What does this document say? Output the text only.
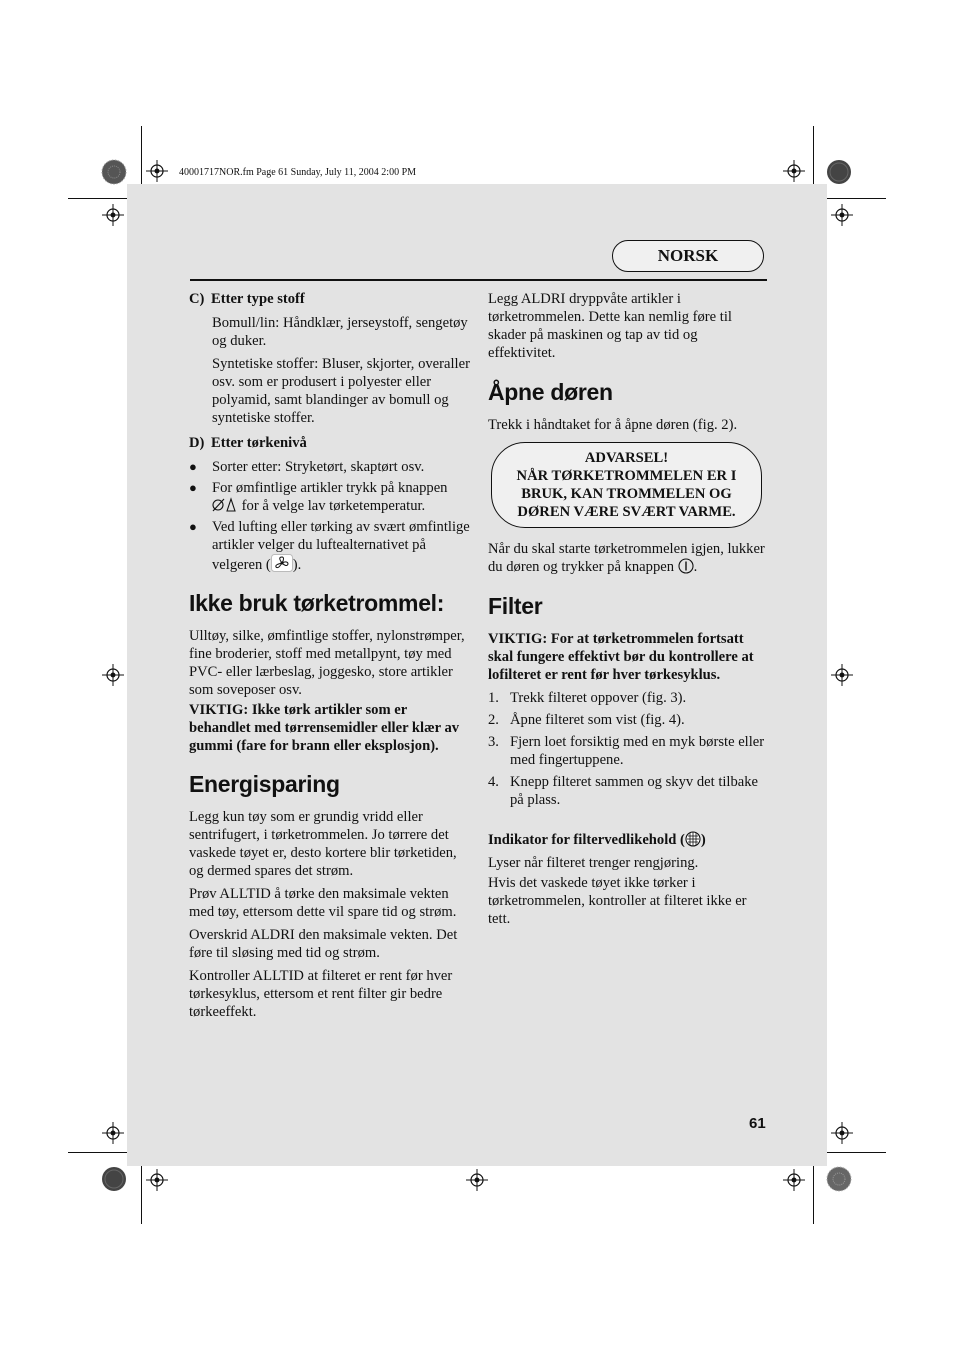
40001717NOR.fm Page 61 Sunday, July 11, 2004 2:00 PM
NORSK
C) Etter type stoff

Bomull/lin: Håndklær, jerseystoff, sengetøy og duker.

Syntetiske stoffer: Bluser, skjorter, overaller osv. som er produsert i polyester eller polyamid, samt blandinger av bomull og syntetiske stoffer.

D) Etter tørkenivå
●	Sorter etter: Stryketørt, skaptørt osv.
●	For ømfintlige artikler trykk på knappen  for å velge lav tørketemperatur.
●	Ved lufting eller tørking av svært ømfintlige artikler velger du luftealternativet på velgeren ( ).
Ikke bruk tørketrommel:

Ulltøy, silke, ømfintlige stoffer, nylonstrømper, fine broderier, stoff med metallpynt, tøy med PVC- eller lærbeslag, joggesko, store artikler som soveposer osv.

VIKTIG: Ikke tørk artikler som er behandlet med tørrensemidler eller klær av gummi (fare for brann eller eksplosjon).

Energisparing

Legg kun tøy som er grundig vridd eller sentrifugert, i tørketrommelen. Jo tørrere det vaskede tøyet er, desto kortere blir tørketiden, og dermed spares det strøm.

Prøv ALLTID å tørke den maksimale vekten med tøy, ettersom dette vil spare tid og strøm.

Overskrid ALDRI den maksimale vekten. Det føre til sløsing med tid og strøm.

Kontroller ALLTID at filteret er rent før hver tørkesyklus, ettersom et rent filter gir bedre tørkeeffekt.

Legg ALDRI dryppvåte artikler i tørketrommelen. Dette kan nemlig føre til skader på maskinen og tap av tid og effektivitet.

Åpne døren

Trekk i håndtaket for å åpne døren (fig. 2).

ADVARSEL!
NÅR TØRKETROMMELEN ER I BRUK, KAN TROMMELEN OG DØREN VÆRE SVÆRT VARME.

Når du skal starte tørketrommelen igjen, lukker du døren og trykker på knappen .

Filter

VIKTIG: For at tørketrommelen fortsatt skal fungere effektivt bør du kontrollere at lofilteret er rent før hver tørkesyklus.

1. Trekk filteret oppover (fig. 3).
2. Åpne filteret som vist (fig. 4).
3. Fjern loet forsiktig med en myk børste eller med fingertuppene.
4. Knepp filteret sammen og skyv det tilbake på plass.

Indikator for filtervedlikehold ( )

Lyser når filteret trenger rengjøring.

Hvis det vaskede tøyet ikke tørker i tørketrommelen, kontroller at filteret ikke er tett.

61
